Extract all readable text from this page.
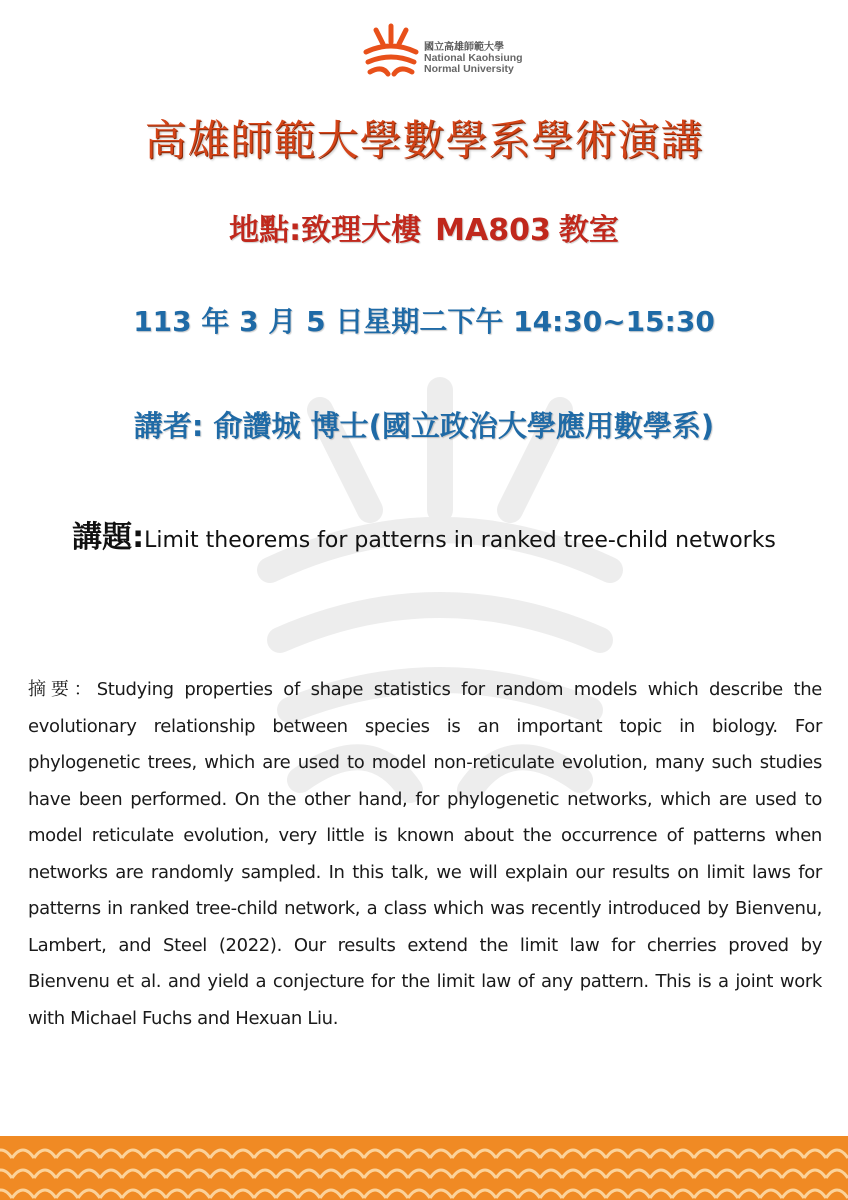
國立高雄師範大學
National Kaohsiung
Normal University
高雄師範大學數學系學術演講
地點:致理大樓 MA803 教室
113 年 3 月 5 日星期二下午 14:30~15:30
講者: 俞讚城 博士(國立政治大學應用數學系)
講題:Limit theorems for patterns in ranked tree-child networks
摘要：Studying properties of shape statistics for random models which describe the evolutionary relationship between species is an important topic in biology. For phylogenetic trees, which are used to model non-reticulate evolution, many such studies have been performed. On the other hand, for phylogenetic networks, which are used to model reticulate evolution, very little is known about the occurrence of patterns when networks are randomly sampled. In this talk, we will explain our results on limit laws for patterns in ranked tree-child network, a class which was recently introduced by Bienvenu, Lambert, and Steel (2022). Our results extend the limit law for cherries proved by Bienvenu et al. and yield a conjecture for the limit law of any pattern. This is a joint work with Michael Fuchs and Hexuan Liu.
